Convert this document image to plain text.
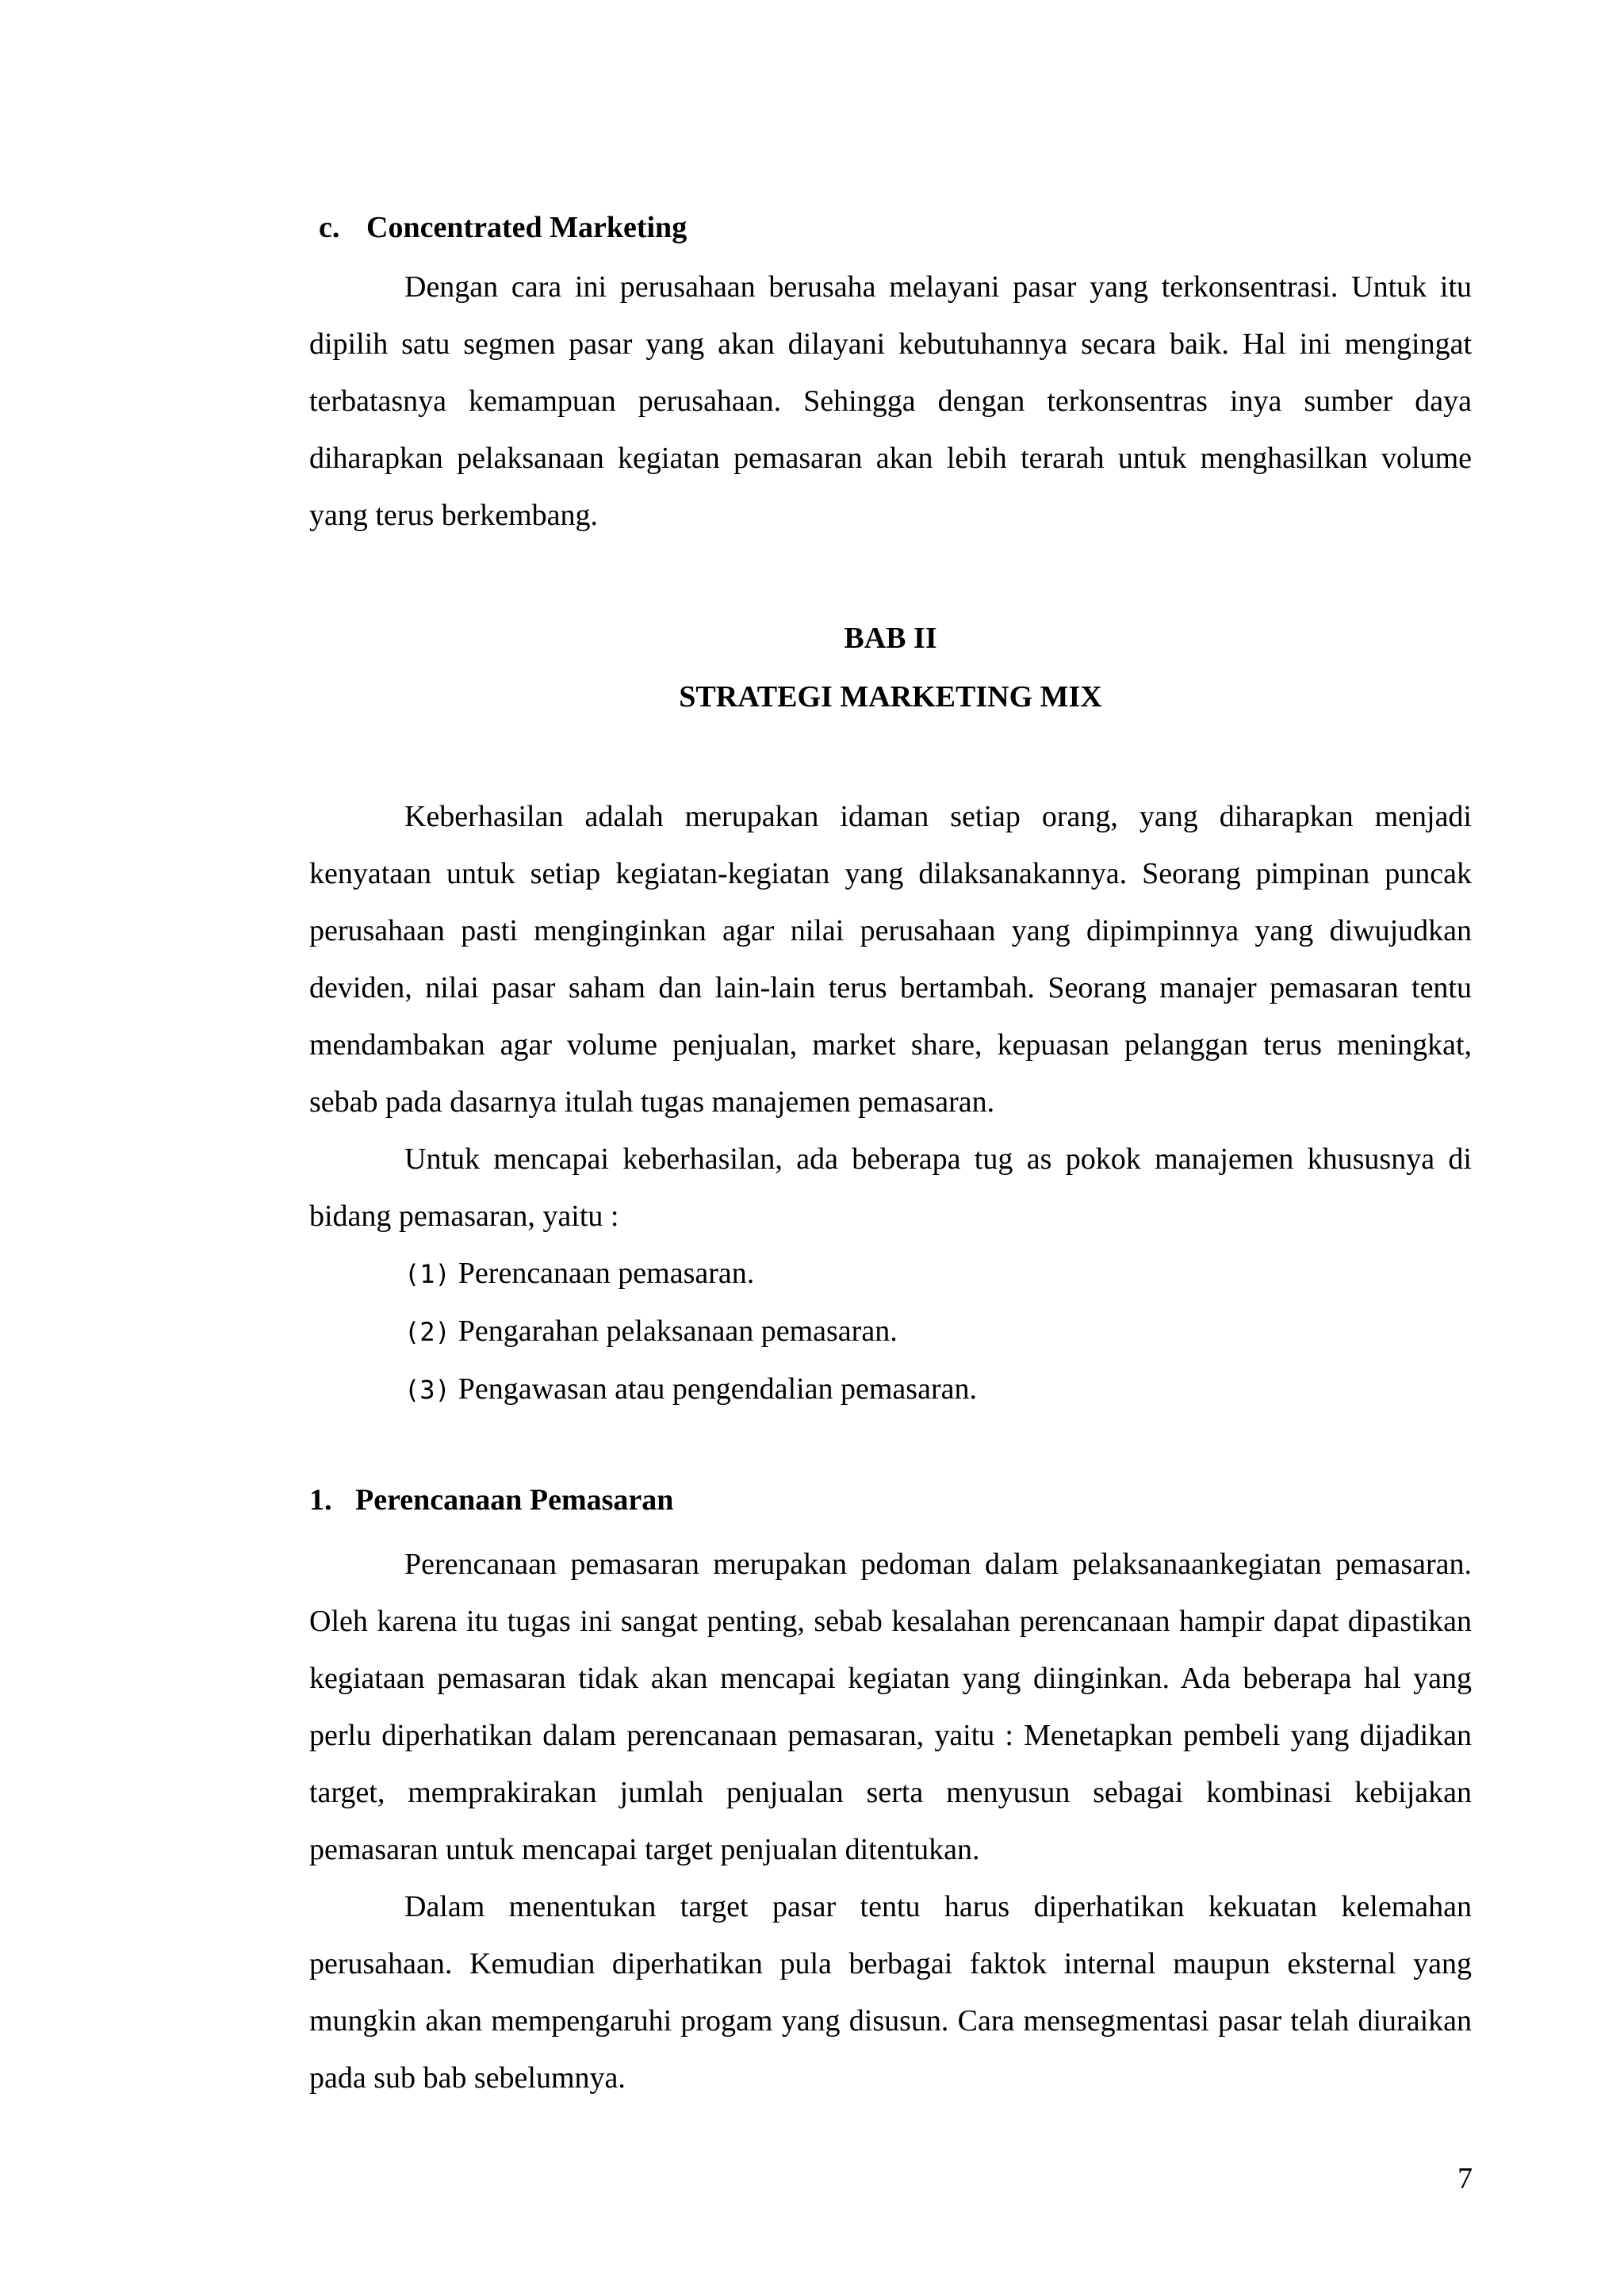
c. Concentrated Marketing

Dengan cara ini perusahaan berusaha melayani pasar yang terkonsentrasi. Untuk itu dipilih satu segmen pasar yang akan dilayani kebutuhannya secara baik. Hal ini mengingat terbatasnya kemampuan perusahaan. Sehingga dengan terkonsentras inya sumber daya diharapkan pelaksanaan kegiatan pemasaran akan lebih terarah untuk menghasilkan volume yang terus berkembang.

BAB II
STRATEGI MARKETING MIX

Keberhasilan adalah merupakan idaman setiap orang, yang diharapkan menjadi kenyataan untuk setiap kegiatan-kegiatan yang dilaksanakannya. Seorang pimpinan puncak perusahaan pasti menginginkan agar nilai perusahaan yang dipimpinnya yang diwujudkan deviden, nilai pasar saham dan lain-lain terus bertambah. Seorang manajer pemasaran tentu mendambakan agar volume penjualan, market share, kepuasan pelanggan terus meningkat, sebab pada dasarnya itulah tugas manajemen pemasaran.

Untuk mencapai keberhasilan, ada beberapa tug as pokok manajemen khususnya di bidang pemasaran, yaitu :

(1) Perencanaan pemasaran.
(2) Pengarahan pelaksanaan pemasaran.
(3) Pengawasan atau pengendalian pemasaran.
1. Perencanaan Pemasaran

Perencanaan pemasaran merupakan pedoman dalam pelaksanaankegiatan pemasaran. Oleh karena itu tugas ini sangat penting, sebab kesalahan perencanaan hampir dapat dipastikan kegiataan pemasaran tidak akan mencapai kegiatan yang diinginkan. Ada beberapa hal yang perlu diperhatikan dalam perencanaan pemasaran, yaitu : Menetapkan pembeli yang dijadikan target, memprakirakan jumlah penjualan serta menyusun sebagai kombinasi kebijakan pemasaran untuk mencapai target penjualan ditentukan.

Dalam menentukan target pasar tentu harus diperhatikan kekuatan kelemahan perusahaan. Kemudian diperhatikan pula berbagai faktok internal maupun eksternal yang mungkin akan mempengaruhi progam yang disusun. Cara mensegmentasi pasar telah diuraikan pada sub bab sebelumnya.

7
